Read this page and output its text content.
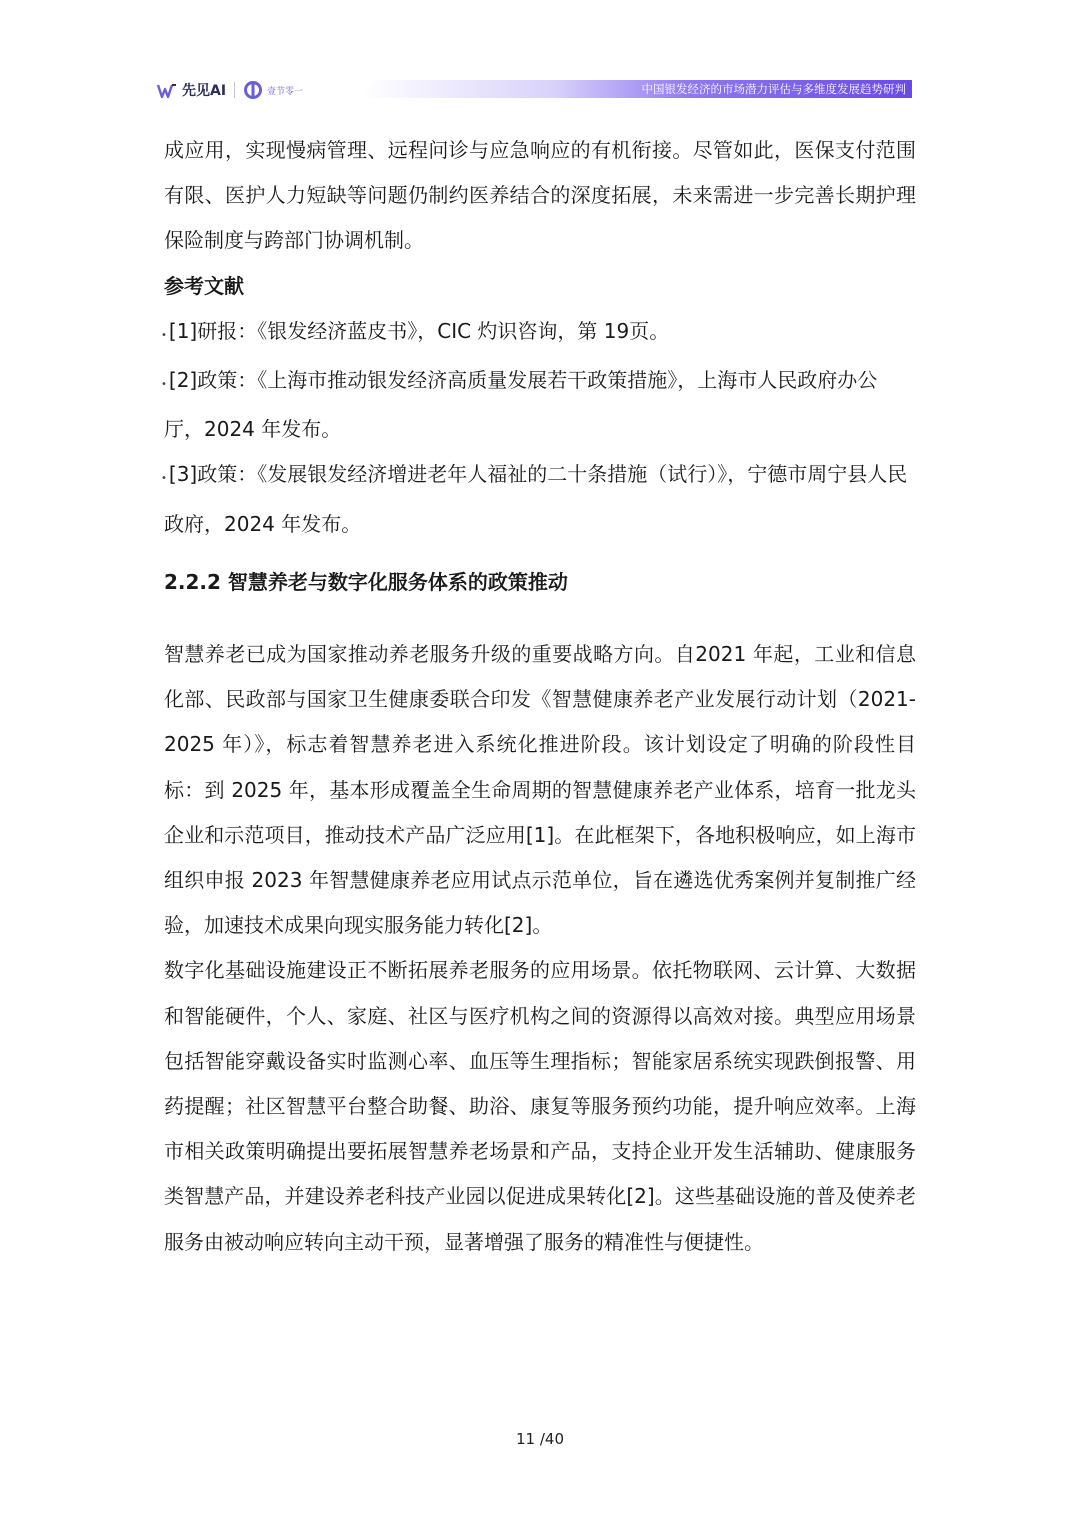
先见AI	壹节零一	中国银发经济的市场潜力评估与多维度发展趋势研判

成应用，实现慢病管理、远程问诊与应急响应的有机衔接。尽管如此，医保支付范围有限、医护人力短缺等问题仍制约医养结合的深度拓展，未来需进一步完善长期护理保险制度与跨部门协调机制。

参考文献

• [1]研报：《银发经济蓝皮书》，CIC 灼识咨询，第 19页。

• [2]政策：《上海市推动银发经济高质量发展若干政策措施》，上海市人民政府办公厅，2024 年发布。

• [3]政策：《发展银发经济增进老年人福祉的二十条措施（试行）》，宁德市周宁县人民政府，2024 年发布。

2.2.2 智慧养老与数字化服务体系的政策推动

智慧养老已成为国家推动养老服务升级的重要战略方向。自2021 年起，工业和信息化部、民政部与国家卫生健康委联合印发《智慧健康养老产业发展行动计划（2021-2025 年）》，标志着智慧养老进入系统化推进阶段。该计划设定了明确的阶段性目标：到 2025 年，基本形成覆盖全生命周期的智慧健康养老产业体系，培育一批龙头企业和示范项目，推动技术产品广泛应用[1]。在此框架下，各地积极响应，如上海市组织申报 2023 年智慧健康养老应用试点示范单位，旨在遴选优秀案例并复制推广经验，加速技术成果向现实服务能力转化[2]。

数字化基础设施建设正不断拓展养老服务的应用场景。依托物联网、云计算、大数据和智能硬件，个人、家庭、社区与医疗机构之间的资源得以高效对接。典型应用场景包括智能穿戴设备实时监测心率、血压等生理指标；智能家居系统实现跌倒报警、用药提醒；社区智慧平台整合助餐、助浴、康复等服务预约功能，提升响应效率。上海市相关政策明确提出要拓展智慧养老场景和产品，支持企业开发生活辅助、健康服务类智慧产品，并建设养老科技产业园以促进成果转化[2]。这些基础设施的普及使养老服务由被动响应转向主动干预，显著增强了服务的精准性与便捷性。

11 /40
